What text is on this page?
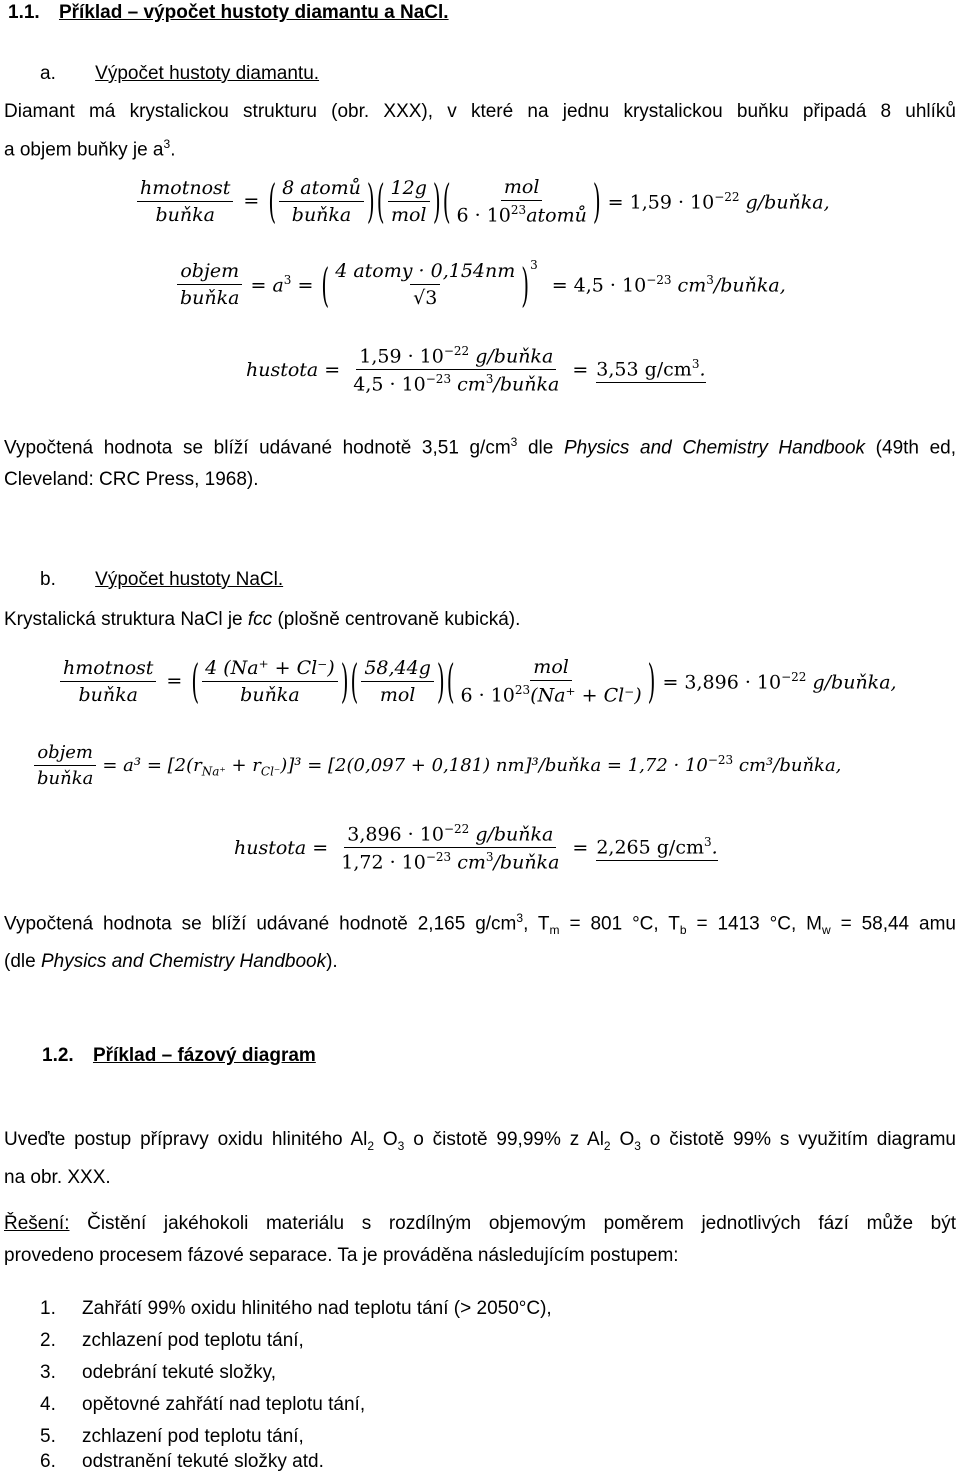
1.1. Příklad – výpočet hustoty diamantu a NaCl.
a. Výpočet hustoty diamantu.
Diamant má krystalickou strukturu (obr. XXX), v které na jednu krystalickou buňku připadá 8 uhlíků
a objem buňky je $a^3$.
$\frac{\text{hmotnost}}{\text{buňka}}$ = ( $\frac{\text{8 atomů}}{\text{buňka}}$ ) ( $\frac{12g}{\text{mol}}$ ) ( $\frac{\text{mol}}{6 \cdot 10^{23}atomů}$ ) = $1,59 \cdot 10^{-22}$ g/buňka,
$\frac{\text{objem}}{\text{buňka}} = a^3$ = ( $\frac{\text{4 atomy · 0,154nm}}{√3} )^3$
= $4,5 \cdot 10^{-23}$ $cm^3$/buňka,
hustota = $\frac{1,59 \cdot 10^{-22} g/buňka}{4,5 \cdot 10^{-23} cm^3/buňka} = 3,53$ $g/cm^3$.
Vypočtená hodnota se blíží udávané hodnotě 3,51 $g/cm^3$ dle Physics and Chemistry Handbook (49th ed,
Cleveland: CRC Press, 1968).
b. Výpočet hustoty NaCl.
Krystalická struktura NaCl je fcc (plošně centrovaně kubická).
$\frac{\text{hmotnost}}{\text{buňka}}$ = ( $\frac{4 (Na^+ + Cl^-)}{\text{buňka}}$ ) ( $\frac{58,44g}{\text{mol}}$ ) ( $\frac{\text{mol}}{6 \cdot 10^{23}(Na^+ + Cl^-)}$ ) = $3,896 \cdot 10^{-22}$ g/buňka,
$\frac{\text{objem}}{\text{buňka}} = a^3 = [2(r_{Na^+} + r_{Cl^-})]^3 = [2(0,097 + 0,181)$ nm]³/buňka = $1,72 \cdot 10^{-23}$ cm³/buňka,
hustota = $\frac{3,896 \cdot 10^{-22} g/buňka}{1,72 \cdot 10^{-23} cm^3/buňka} = 2,265$ $g/cm^3$.
Vypočtená hodnota se blíží udávané hodnotě 2,165 $g/cm^3$, $T_m = 801$ °C, $T_b = 1413$ °C, $M_w = 58,44$ amu
(dle Physics and Chemistry Handbook).
1.2. Příklad – fázový diagram
Uveďte postup přípravy oxidu hlinitého $Al_2$ $O_3$ o čistotě 99,99% z $Al_2$ $O_3$ o čistotě 99% s využitím diagramu
na obr. XXX.
Řešení: Čistění jakéhokoli materiálu s rozdílným objemovým poměrem jednotlivých fází může být
provedeno procesem fázové separace. Ta je prováděna následujícím postupem:
1. Zahřátí 99% oxidu hlinitého nad teplotu tání (> 2050°C),
2. zchlazení pod teplotu tání,
3. odebrání tekuté složky,
4. opětovné zahřátí nad teplotu tání,
5. zchlazení pod teplotu tání,
6. odstranění tekuté složky atd.
